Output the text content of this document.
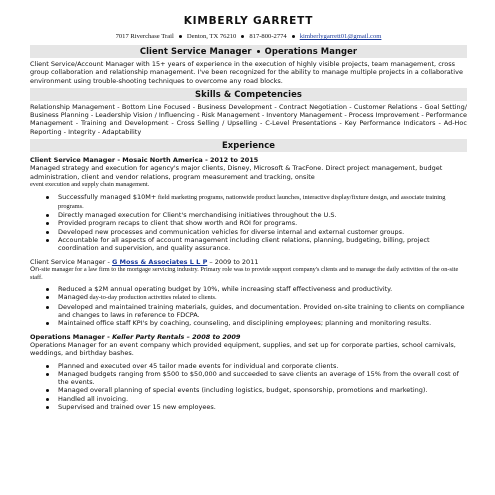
KIMBERLY GARRETT
7017 Riverchase Trail Denton, TX 76210 817-800-2774 kimberlygarrett01@gmail.com
Client Service Manager Operations Manger
Client Service/Account Manager with 15+ years of experience in the execution of highly visible projects, team management, cross group collaboration and relationship management. I've been recognized for the ability to manage multiple projects in a collaborative environment using trouble-shooting techniques to overcome any road blocks.
Skills & Competencies
Relationship Management - Bottom Line Focused - Business Development - Contract Negotiation - Customer Relations - Goal Setting/ Business Planning - Leadership Vision / Influencing - Risk Management - Inventory Management - Process Improvement - Performance Management - Training and Development - Cross Selling / Upselling - C-Level Presentations - Key Performance Indicators - Ad-Hoc Reporting - Integrity - Adaptability
Experience
Client Service Manager - Mosaic North America - 2012 to 2015
Managed strategy and execution for agency's major clients, Disney, Microsoft & TracFone. Direct project management, budget administration, client and vendor relations, program measurement and tracking, onsite
event execution and supply chain management.
Successfully managed $10M+ field marketing programs, nationwide product launches, interactive display/fixture design, and associate training programs.
Directly managed execution for Client's merchandising initiatives throughout the U.S.
Provided program recaps to client that show worth and ROI for programs.
Developed new processes and communication vehicles for diverse internal and external customer groups.
Accountable for all aspects of account management including client relations, planning, budgeting, billing, project coordination and supervision, and quality assurance.
Client Service Manager - G Moss & Associates L L P – 2009 to 2011
On-site manager for a law firm to the mortgage servicing industry. Primary role was to provide support company's clients and to manage the daily activities of the on-site staff.
Reduced a $2M annual operating budget by 10%, while increasing staff effectiveness and productivity.
Managed day-to-day production activities related to clients.
Developed and maintained training materials, guides, and documentation. Provided on-site training to clients on compliance and changes to laws in reference to FDCPA.
Maintained office staff KPI's by coaching, counseling, and disciplining employees; planning and monitoring results.
Operations Manager - Keller Party Rentals – 2008 to 2009
Operations Manager for an event company which provided equipment, supplies, and set up for corporate parties, school carnivals, weddings, and birthday bashes.
Planned and executed over 45 tailor made events for individual and corporate clients.
Managed budgets ranging from $500 to $50,000 and succeeded to save clients an average of 15% from the overall cost of the events.
Managed overall planning of special events (including logistics, budget, sponsorship, promotions and marketing).
Handled all invoicing.
Supervised and trained over 15 new employees.
